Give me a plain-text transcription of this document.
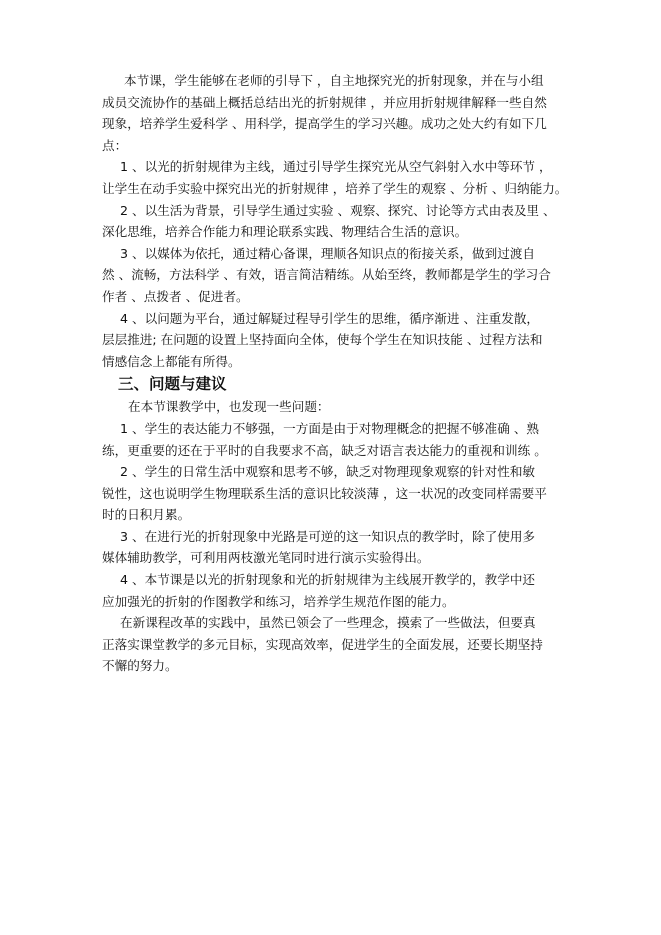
本节课，学生能够在老师的引导下 ，自主地探究光的折射现象，并在与小组
成员交流协作的基础上概括总结出光的折射规律 ，并应用折射规律解释一些自然
现象，培养学生爱科学 、用科学，提高学生的学习兴趣。成功之处大约有如下几
点：
1 、以光的折射规律为主线，通过引导学生探究光从空气斜射入水中等环节 ，
让学生在动手实验中探究出光的折射规律 ，培养了学生的观察 、分析 、归纳能力。
2 、以生活为背景，引导学生通过实验 、观察、探究、讨论等方式由表及里 、
深化思维，培养合作能力和理论联系实践、物理结合生活的意识。
3 、以媒体为依托，通过精心备课，理顺各知识点的衔接关系，做到过渡自
然 、流畅，方法科学 、有效，语言简洁精练。从始至终，教师都是学生的学习合
作者 、点拨者 、促进者。
4 、以问题为平台，通过解疑过程导引学生的思维，循序渐进 、注重发散，
层层推进; 在问题的设置上坚持面向全体，使每个学生在知识技能 、过程方法和
情感信念上都能有所得。
三、问题与建议
在本节课教学中，也发现一些问题：
1 、学生的表达能力不够强，一方面是由于对物理概念的把握不够准确 、熟
练，更重要的还在于平时的自我要求不高，缺乏对语言表达能力的重视和训练 。
2 、学生的日常生活中观察和思考不够，缺乏对物理现象观察的针对性和敏
锐性，这也说明学生物理联系生活的意识比较淡薄 ，这一状况的改变同样需要平
时的日积月累。
3 、在进行光的折射现象中光路是可逆的这一知识点的教学时，除了使用多
媒体辅助教学，可利用两枝激光笔同时进行演示实验得出。
4 、本节课是以光的折射现象和光的折射规律为主线展开教学的，教学中还
应加强光的折射的作图教学和练习，培养学生规范作图的能力。
在新课程改革的实践中，虽然已领会了一些理念，摸索了一些做法，但要真
正落实课堂教学的多元目标，实现高效率，促进学生的全面发展，还要长期坚持
不懈的努力。
